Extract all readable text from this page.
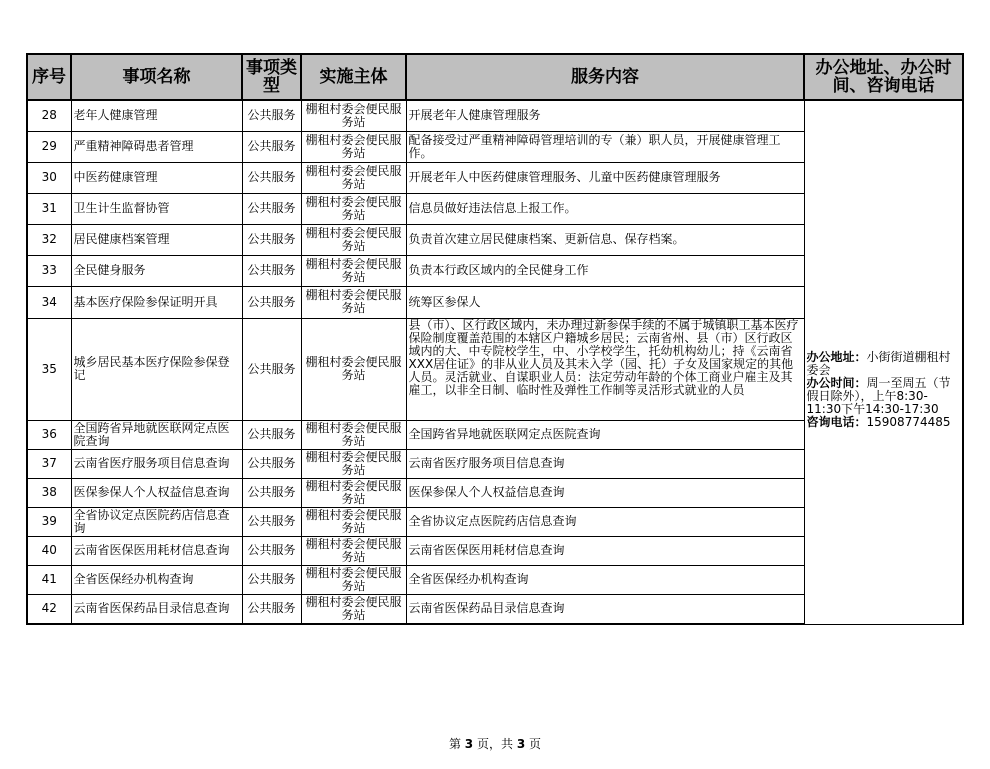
序号	事项名称	事项类型	实施主体	服务内容	办公地址、办公时间、咨询电话

28	老年人健康管理	公共服务	棚租村委会便民服务站	开展老年人健康管理服务	办公地址：小街街道棚租村委会
办公时间：周一至周五（节假日除外），上午8:30-11:30下午14:30-17:30
咨询电话：15908774485

29	严重精神障碍患者管理	公共服务	棚租村委会便民服务站	配备接受过严重精神障碍管理培训的专（兼）职人员，开展健康管理工作。	

30	中医药健康管理	公共服务	棚租村委会便民服务站	开展老年人中医药健康管理服务、儿童中医药健康管理服务	

31	卫生计生监督协管	公共服务	棚租村委会便民服务站	信息员做好违法信息上报工作。	

32	居民健康档案管理	公共服务	棚租村委会便民服务站	负责首次建立居民健康档案、更新信息、保存档案。	

33	全民健身服务	公共服务	棚租村委会便民服务站	负责本行政区域内的全民健身工作	

34	基本医疗保险参保证明开具	公共服务	棚租村委会便民服务站	统筹区参保人	

35	城乡居民基本医疗保险参保登记	公共服务	棚租村委会便民服务站	县（市）、区行政区域内，未办理过新参保手续的不属于城镇职工基本医疗保险制度覆盖范围的本辖区户籍城乡居民；云南省州、县（市）区行政区域内的大、中专院校学生，中、小学校学生，托幼机构幼儿；持《云南省XXX居住证》的非从业人员及其未入学（园、托）子女及国家规定的其他人员。灵活就业、自谋职业人员：法定劳动年龄的个体工商业户雇主及其雇工，以非全日制、临时性及弹性工作制等灵活形式就业的人员	

36	全国跨省异地就医联网定点医院查询	公共服务	棚租村委会便民服务站	全国跨省异地就医联网定点医院查询	

37	云南省医疗服务项目信息查询	公共服务	棚租村委会便民服务站	云南省医疗服务项目信息查询	

38	医保参保人个人权益信息查询	公共服务	棚租村委会便民服务站	医保参保人个人权益信息查询	

39	全省协议定点医院药店信息查询	公共服务	棚租村委会便民服务站	全省协议定点医院药店信息查询	

40	云南省医保医用耗材信息查询	公共服务	棚租村委会便民服务站	云南省医保医用耗材信息查询	

41	全省医保经办机构查询	公共服务	棚租村委会便民服务站	全省医保经办机构查询	

42	云南省医保药品目录信息查询	公共服务	棚租村委会便民服务站	云南省医保药品目录信息查询	
第 3 页，共 3 页
